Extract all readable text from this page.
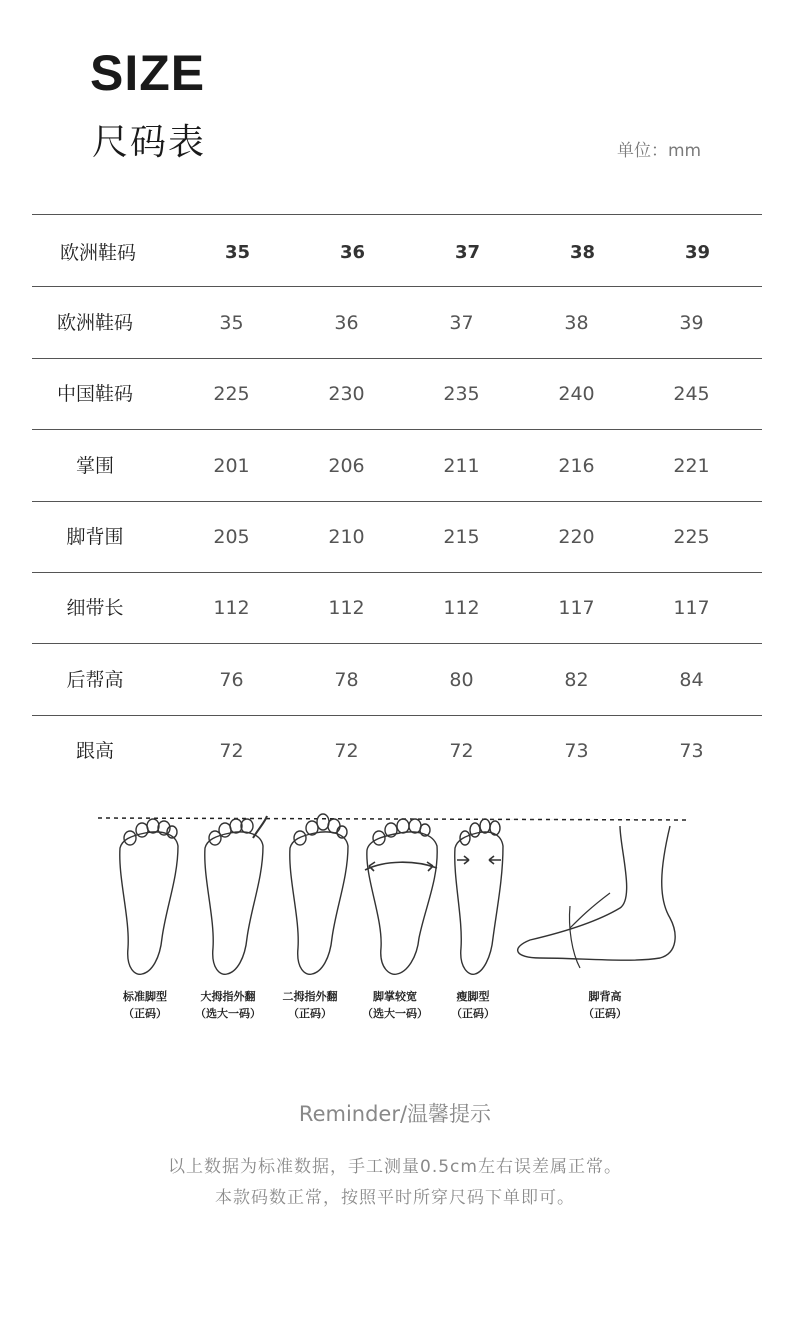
SIZE
尺码表	单位：mm
欧洲鞋码	35	36	37	38	39
欧洲鞋码	35	36	37	38	39
中国鞋码	225	230	235	240	245
掌围	201	206	211	216	221
脚背围	205	210	215	220	225
细带长	112	112	112	117	117
后帮高	76	78	80	82	84
跟高	72	72	72	73	73
标准脚型
（正码）
大拇指外翻
（选大一码）
二拇指外翻
（正码）
脚掌较宽
（选大一码）
瘦脚型
（正码）
脚背高
（正码）
Reminder/温馨提示
以上数据为标准数据，手工测量0.5cm左右误差属正常。
本款码数正常，按照平时所穿尺码下单即可。
